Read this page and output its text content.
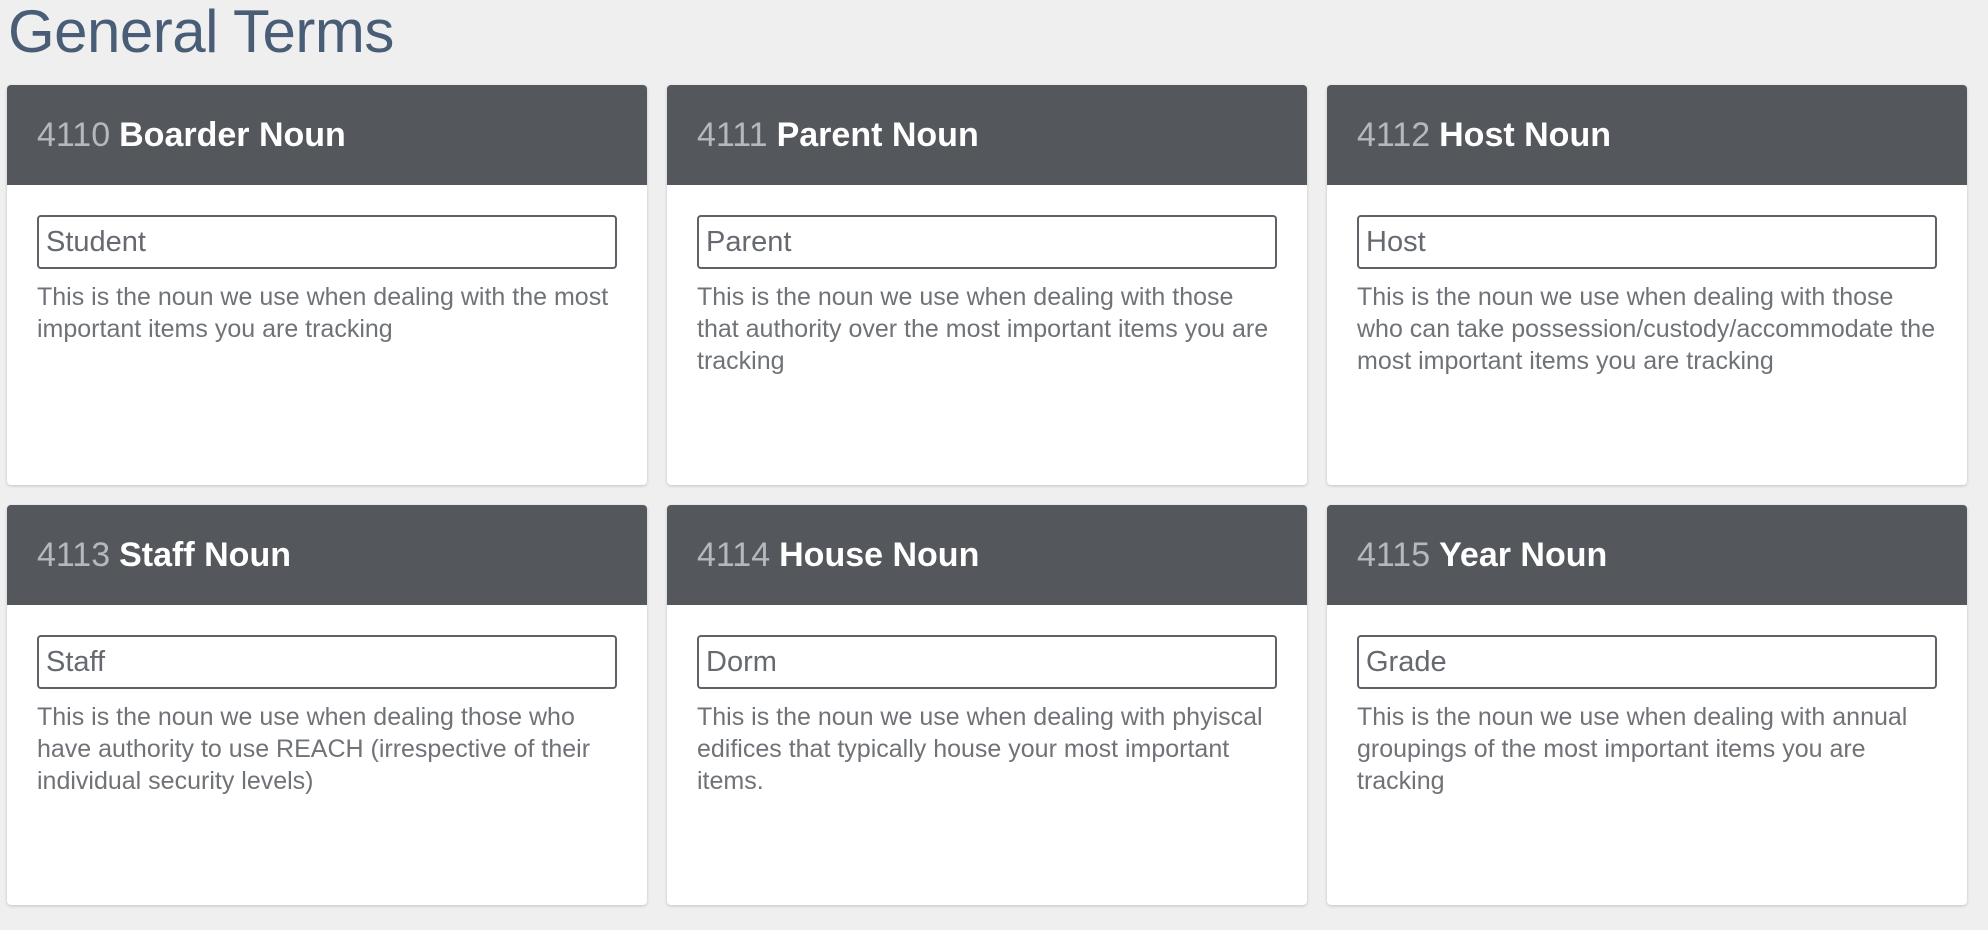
General Terms
4110 Boarder Noun
Student

This is the noun we use when dealing with the most important items you are tracking

4111 Parent Noun
Parent

This is the noun we use when dealing with those that authority over the most important items you are tracking

4112 Host Noun
Host

This is the noun we use when dealing with those who can take possession/custody/accommodate the most important items you are tracking

4113 Staff Noun
Staff

This is the noun we use when dealing those who have authority to use REACH (irrespective of their individual security levels)

4114 House Noun
Dorm

This is the noun we use when dealing with phyiscal edifices that typically house your most important items.

4115 Year Noun
Grade

This is the noun we use when dealing with annual groupings of the most important items you are tracking
